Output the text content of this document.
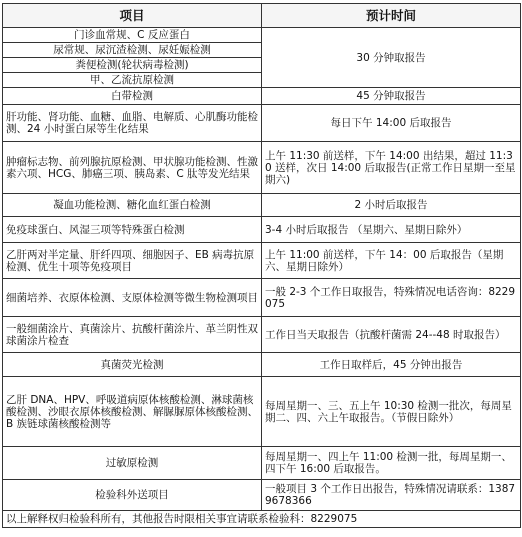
项目	预计时间
门诊血常规、C 反应蛋白	30 分钟取报告
尿常规、尿沉渣检测、尿妊娠检测	
粪便检测(轮状病毒检测)	
甲、乙流抗原检测	
白带检测	45 分钟取报告
肝功能、肾功能、血糖、血脂、电解质、心肌酶功能检测、24 小时蛋白尿等生化结果	每日下午 14:00 后取报告
肿瘤标志物、前列腺抗原检测、甲状腺功能检测、性激素六项、HCG、肺癌三项、胰岛素、C 肽等发光结果	上午 11:30 前送样，下午 14:00 出结果，超过 11:30 送样，次日 14:00 后取报告(正常工作日星期一至星期六)
凝血功能检测、糖化血红蛋白检测	2 小时后取报告
免疫球蛋白、风湿三项等特殊蛋白检测	3-4 小时后取报告 （星期六、星期日除外）
乙肝两对半定量、肝纤四项、细胞因子、EB 病毒抗原检测、优生十项等免疫项目	上午 11:00 前送样，下午 14：00 后取报告（星期六、星期日除外）
细菌培养、衣原体检测、支原体检测等微生物检测项目	一般 2-3 个工作日取报告，特殊情况电话咨询：8229075
一般细菌涂片、真菌涂片、抗酸杆菌涂片、革兰阴性双球菌涂片检查	工作日当天取报告（抗酸杆菌需 24--48 时取报告）
真菌荧光检测	工作日取样后，45 分钟出报告
乙肝 DNA、HPV、呼吸道病原体核酸检测、淋球菌核酸检测、沙眼衣原体核酸检测、解脲脲原体核酸检测、B 族链球菌核酸检测等	每周星期一、三、五上午 10:30 检测一批次，每周星期二、四、六上午取报告。（节假日除外）
过敏原检测	每周星期一、四上午 11:00 检测一批，每周星期一、四下午 16:00 后取报告。
检验科外送项目	一般项目 3 个工作日出报告，特殊情况请联系：13879678366
以上解释权归检验科所有，其他报告时限相关事宜请联系检验科：8229075	
